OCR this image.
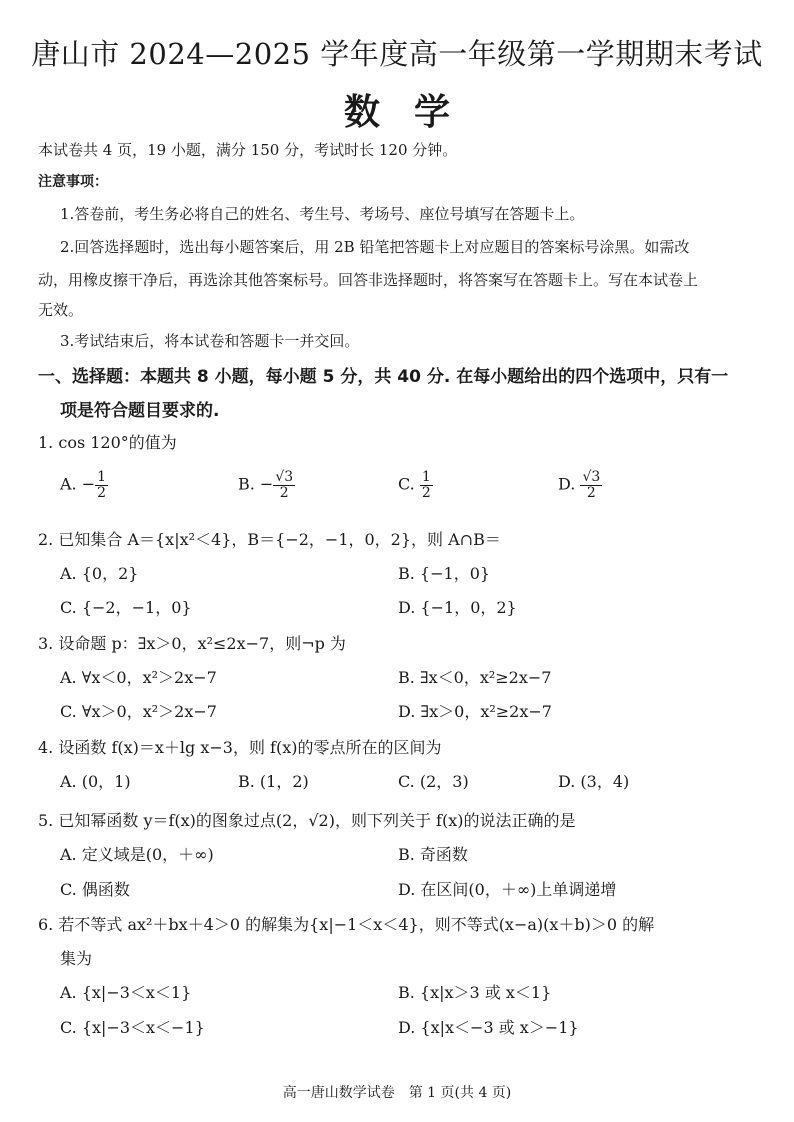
唐山市 2024—2025 学年度高一年级第一学期期末考试
数学
本试卷共 4 页，19 小题，满分 150 分，考试时长 120 分钟。
注意事项：
1.答卷前，考生务必将自己的姓名、考生号、考场号、座位号填写在答题卡上。
2.回答选择题时，选出每小题答案后，用 2B 铅笔把答题卡上对应题目的答案标号涂黑。如需改
动，用橡皮擦干净后，再选涂其他答案标号。回答非选择题时，将答案写在答题卡上。写在本试卷上
无效。
3.考试结束后，将本试卷和答题卡一并交回。
一、选择题：本题共 8 小题，每小题 5 分，共 40 分. 在每小题给出的四个选项中，只有一
项是符合题目要求的.
1. cos 120°的值为
A. − $\frac{1}{2}$	B. − $\frac{√3}{2}$	C. $\frac{1}{2}$	D. $\frac{√3}{2}$
2. 已知集合 A＝{x|x²＜4}，B＝{−2，−1，0，2}，则 A∩B＝
A. {0，2}	B. {−1，0}
C. {−2，−1，0}	D. {−1，0，2}
3. 设命题 p：∃x＞0，x²≤2x−7，则¬p 为
A. ∀x＜0，x²＞2x−7	B. ∃x＜0，x²≥2x−7
C. ∀x＞0，x²＞2x−7	D. ∃x＞0，x²≥2x−7
4. 设函数 f(x)＝x＋lg x−3，则 f(x)的零点所在的区间为
A. (0，1)	B. (1，2)	C. (2，3)	D. (3，4)
5. 已知幂函数 y＝f(x)的图象过点(2，√2)，则下列关于 f(x)的说法正确的是
A. 定义域是(0，＋∞)	B. 奇函数
C. 偶函数	D. 在区间(0，＋∞)上单调递增
6. 若不等式 ax²＋bx＋4＞0 的解集为{x|−1＜x＜4}，则不等式(x−a)(x＋b)＞0 的解
集为
A. {x|−3＜x＜1}	B. {x|x＞3 或 x＜1}
C. {x|−3＜x＜−1}	D. {x|x＜−3 或 x＞−1}
高一唐山数学试卷　第 1 页(共 4 页)
